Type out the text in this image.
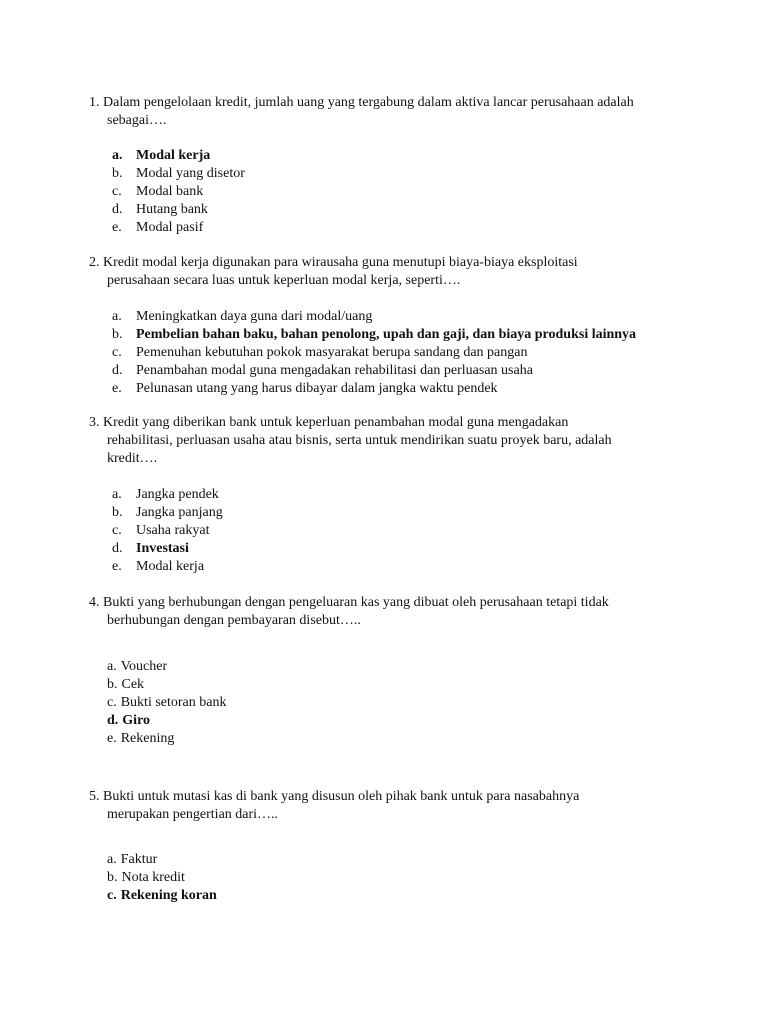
1. Dalam pengelolaan kredit, jumlah uang yang tergabung dalam aktiva lancar perusahaan adalah
sebagai….
a. Modal kerja
b. Modal yang disetor
c. Modal bank
d. Hutang bank
e. Modal pasif
2. Kredit modal kerja digunakan para wirausaha guna menutupi biaya-biaya eksploitasi
perusahaan secara luas untuk keperluan modal kerja, seperti….
a. Meningkatkan daya guna dari modal/uang
b. Pembelian bahan baku, bahan penolong, upah dan gaji, dan biaya produksi lainnya
c. Pemenuhan kebutuhan pokok masyarakat berupa sandang dan pangan
d. Penambahan modal guna mengadakan rehabilitasi dan perluasan usaha
e. Pelunasan utang yang harus dibayar dalam jangka waktu pendek
3. Kredit yang diberikan bank untuk keperluan penambahan modal guna mengadakan
rehabilitasi, perluasan usaha atau bisnis, serta untuk mendirikan suatu proyek baru, adalah
kredit….
a. Jangka pendek
b. Jangka panjang
c. Usaha rakyat
d. Investasi
e. Modal kerja
4. Bukti yang berhubungan dengan pengeluaran kas yang dibuat oleh perusahaan tetapi tidak
berhubungan dengan pembayaran disebut…..
a. Voucher
b. Cek
c. Bukti setoran bank
d. Giro
e. Rekening
5. Bukti untuk mutasi kas di bank yang disusun oleh pihak bank untuk para nasabahnya
merupakan pengertian dari…..
a. Faktur
b. Nota kredit
c. Rekening koran
